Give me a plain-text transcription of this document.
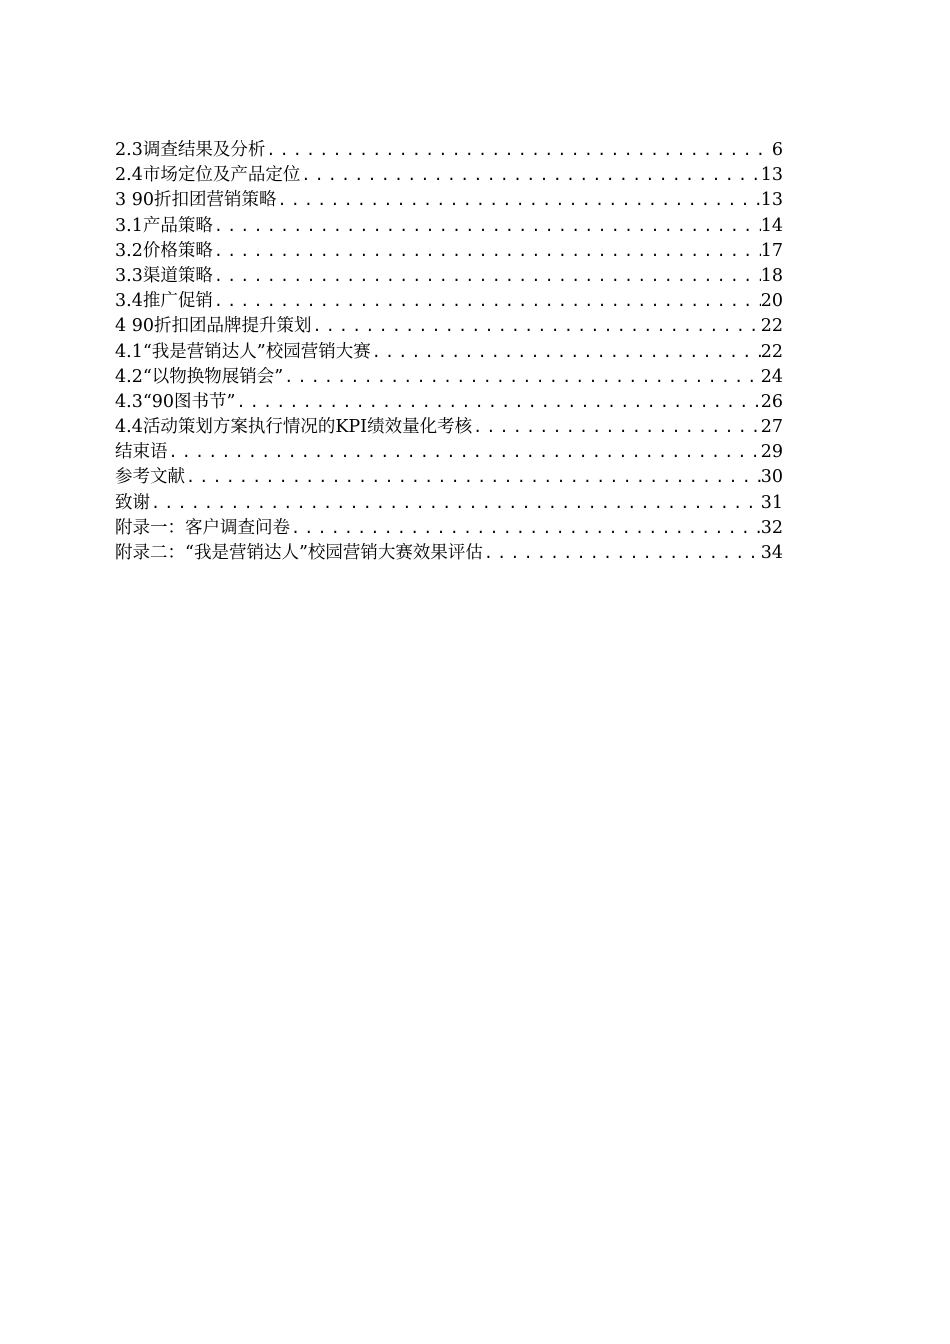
2.3调查结果及分析 .....	6
2.4市场定位及产品定位 .....	13
3 90折扣团营销策略 .....	13
3.1产品策略 .....	14
3.2价格策略 .....	17
3.3渠道策略 .....	18
3.4推广促销 .....	20
4 90折扣团品牌提升策划 .....	22
4.1“我是营销达人”校园营销大赛 .....	22
4.2“以物换物展销会” .....	24
4.3“90图书节” .....	26
4.4活动策划方案执行情况的KPI绩效量化考核 .....	27
结束语 .....	29
参考文献 .....	30
致谢 .....	31
附录一：客户调查问卷 .....	32
附录二：“我是营销达人”校园营销大赛效果评估 .....	34
